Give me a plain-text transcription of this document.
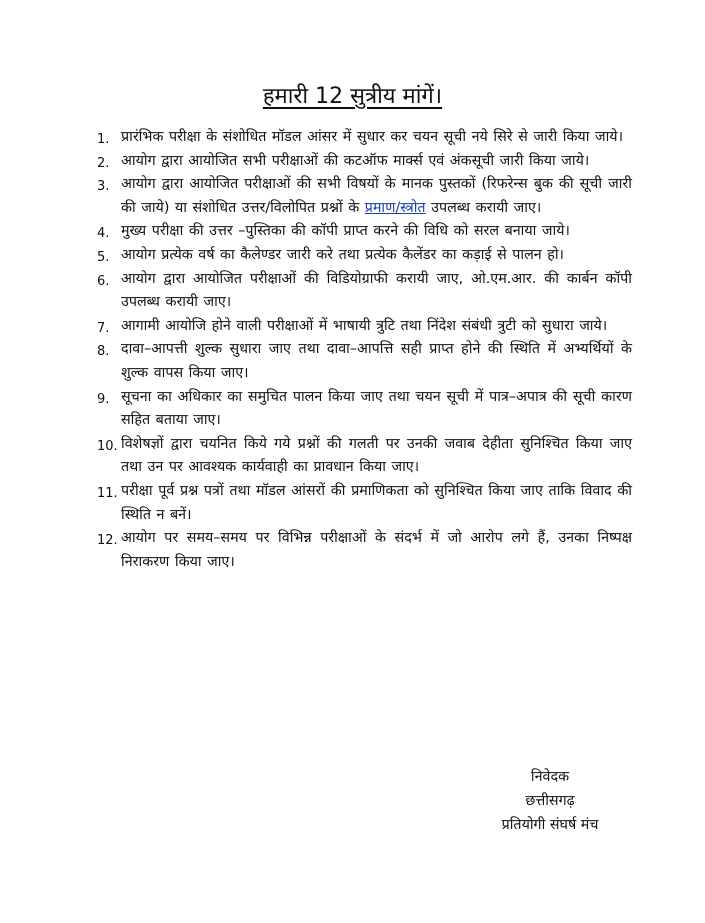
हमारी 12 सुत्रीय मांगें।
1. प्रारंभिक परीक्षा के संशोधित मॉडल आंसर में सुधार कर चयन सूची नये सिरे से जारी किया जाये।
2. आयोग द्वारा आयोजित सभी परीक्षाओं की कटऑफ मार्क्स एवं अंकसूची जारी किया जाये।
3. आयोग द्वारा आयोजित परीक्षाओं की सभी विषयों के मानक पुस्तकों (रिफरेन्स बुक की सूची जारी की जाये) या संशोधित उत्तर/विलोपित प्रश्नों के प्रमाण/स्त्रोत उपलब्ध करायी जाए।
4. मुख्य परीक्षा की उत्तर –पुस्तिका की कॉपी प्राप्त करने की विधि को सरल बनाया जाये।
5. आयोग प्रत्येक वर्ष का कैलेण्डर जारी करे तथा प्रत्येक कैलेंडर का कड़ाई से पालन हो।
6. आयोग द्वारा आयोजित परीक्षाओं की विडियोग्राफी करायी जाए, ओ.एम.आर. की कार्बन कॉपी उपलब्ध करायी जाए।
7. आगामी आयोजि होने वाली परीक्षाओं में भाषायी त्रुटि तथा निंदेश संबंधी त्रुटी को सुधारा जाये।
8. दावा–आपत्ती शुल्क सुधारा जाए तथा दावा–आपत्ति सही प्राप्त होने की स्थिति में अभ्यर्थियों के शुल्क वापस किया जाए।
9. सूचना का अधिकार का समुचित पालन किया जाए तथा चयन सूची में पात्र–अपात्र की सूची कारण सहित बताया जाए।
10. विशेषज्ञों द्वारा चयनित किये गये प्रश्नों की गलती पर उनकी जवाब देहीता सुनिश्चित किया जाए तथा उन पर आवश्यक कार्यवाही का प्रावधान किया जाए।
11. परीक्षा पूर्व प्रश्न पत्रों तथा मॉडल आंसरों की प्रमाणिकता को सुनिश्चित किया जाए ताकि विवाद की स्थिति न बनें।
12. आयोग पर समय–समय पर विभिन्न परीक्षाओं के संदर्भ में जो आरोप लगे हैं, उनका निष्पक्ष निराकरण किया जाए।
निवेदक
छत्तीसगढ़
प्रतियोगी संघर्ष मंच
